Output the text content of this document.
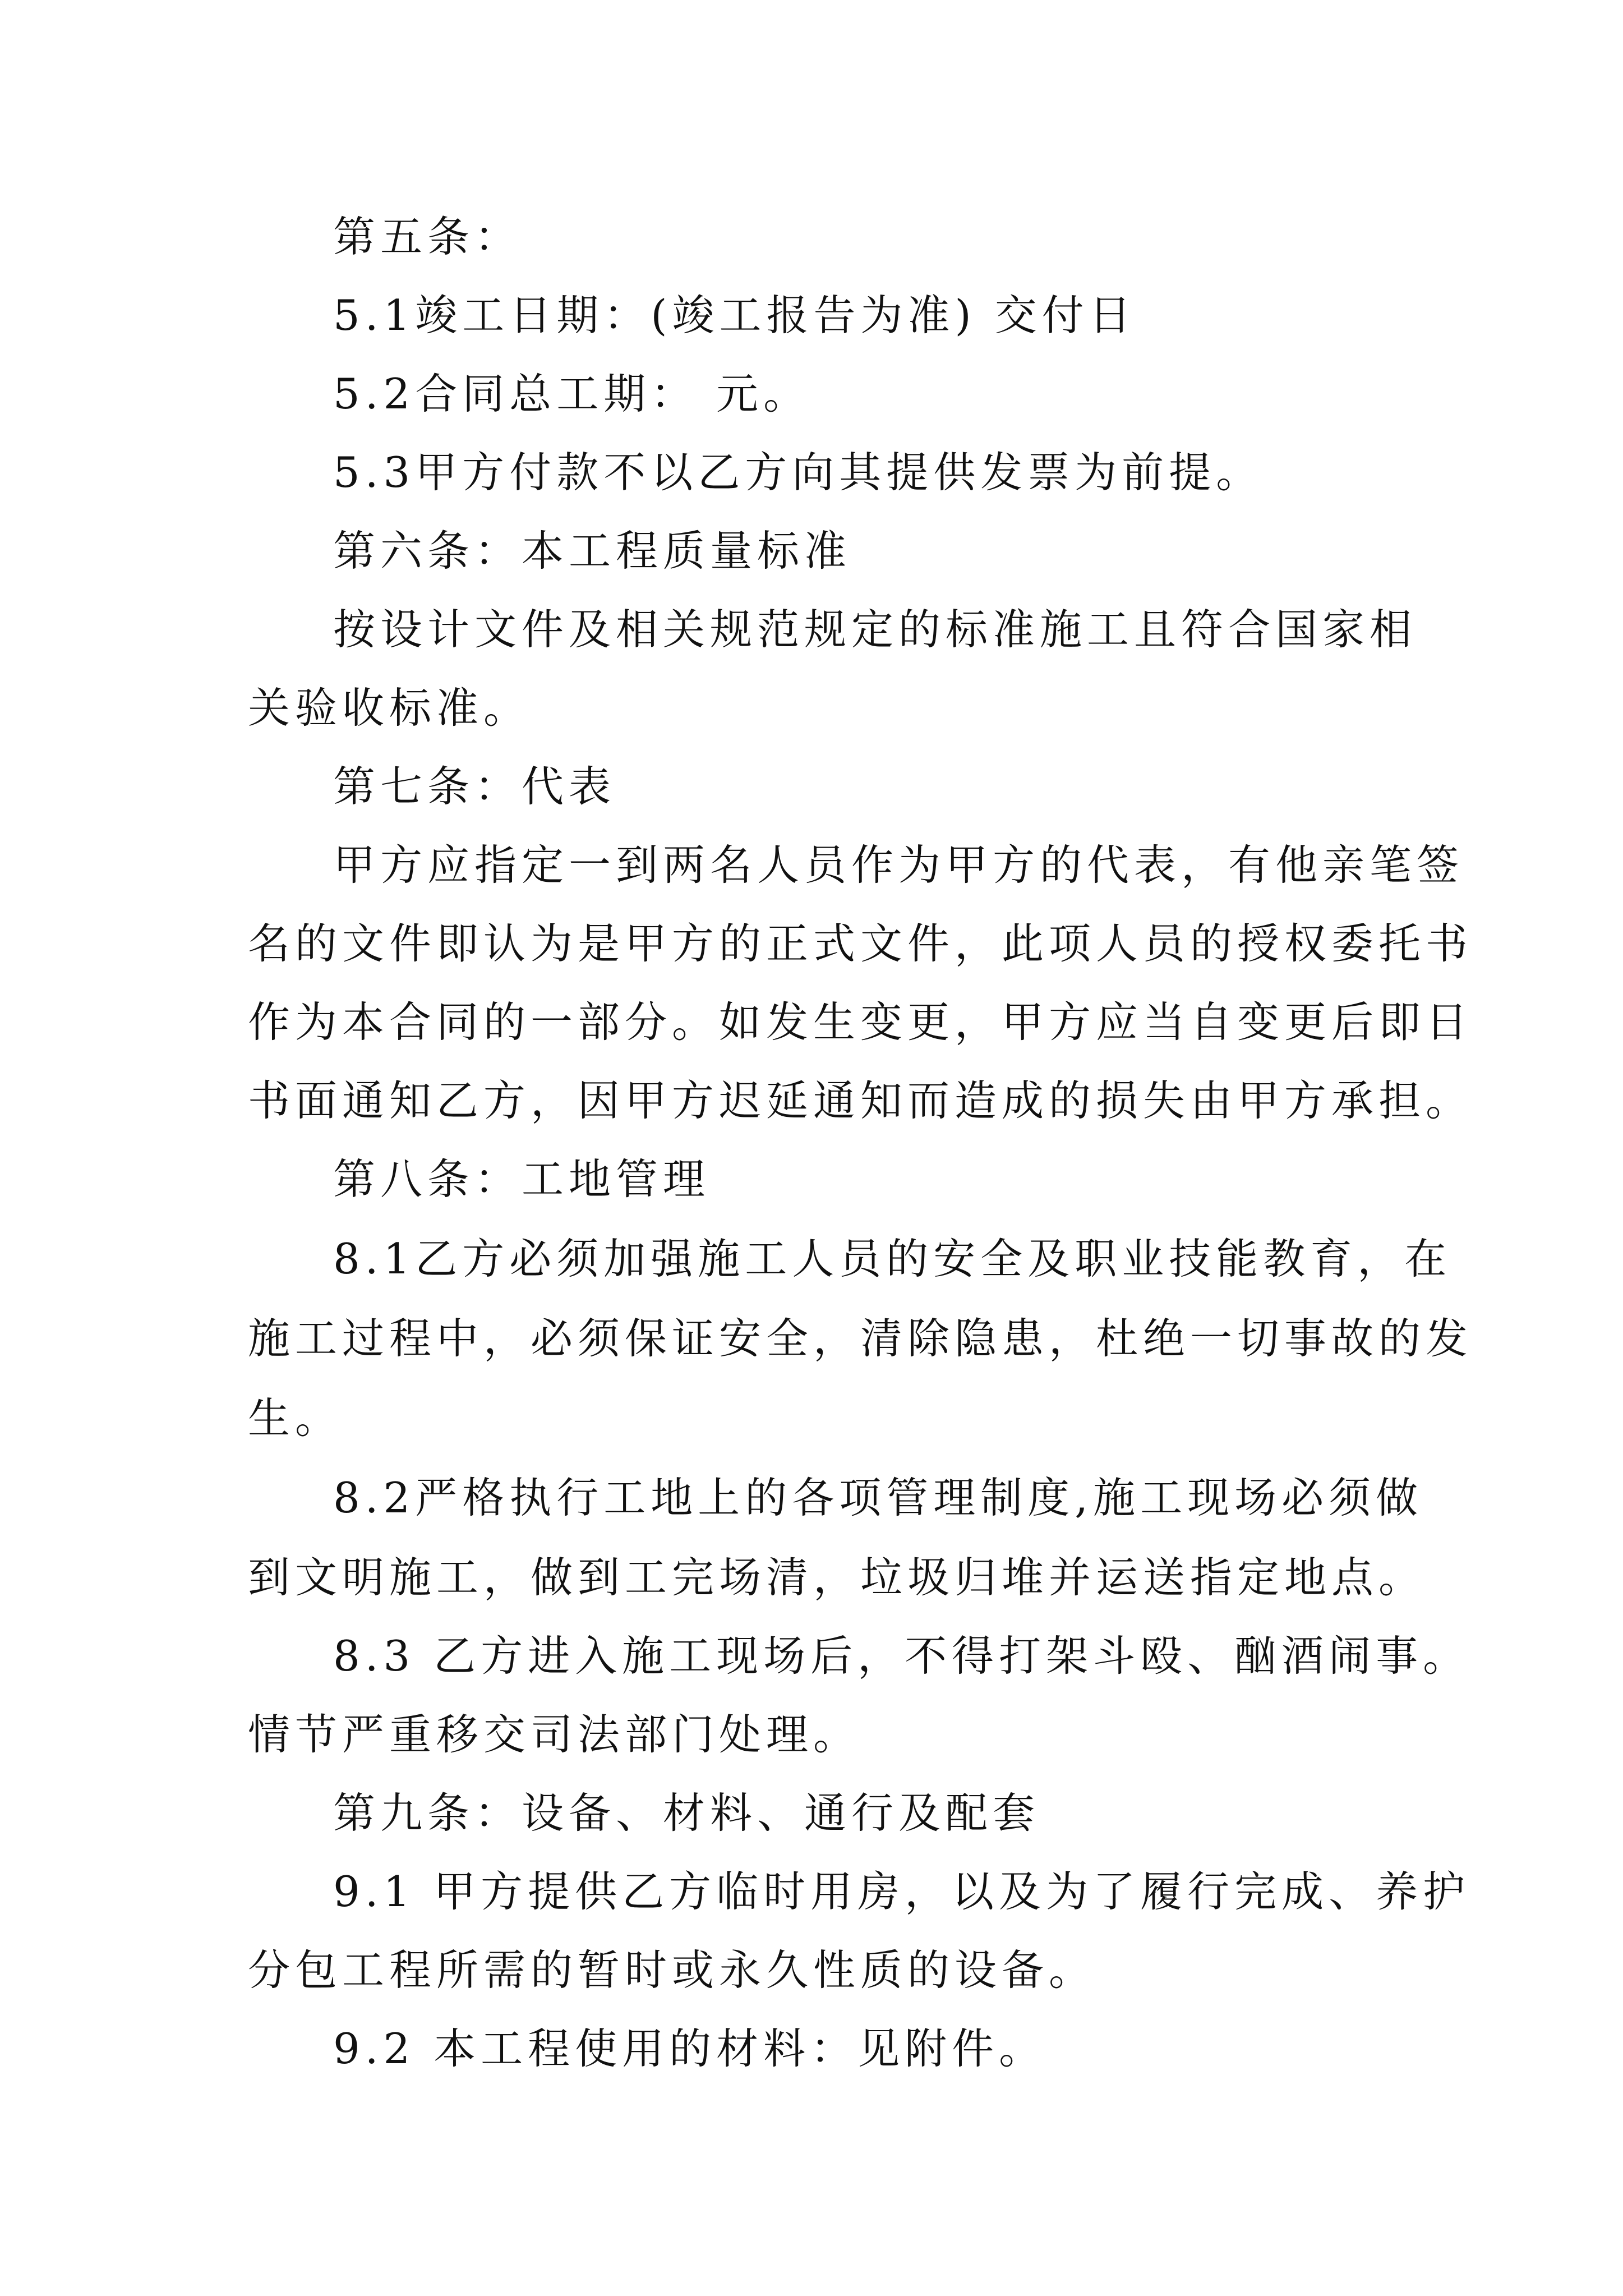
第五条：
5.1竣工日期：(竣工报告为准) 交付日
5.2合同总工期： 元。
5.3甲方付款不以乙方向其提供发票为前提。
第六条：本工程质量标准
按设计文件及相关规范规定的标准施工且符合国家相
关验收标准。
第七条：代表
甲方应指定一到两名人员作为甲方的代表，有他亲笔签
名的文件即认为是甲方的正式文件，此项人员的授权委托书
作为本合同的一部分。如发生变更，甲方应当自变更后即日
书面通知乙方，因甲方迟延通知而造成的损失由甲方承担。
第八条：工地管理
8.1乙方必须加强施工人员的安全及职业技能教育，在
施工过程中，必须保证安全，清除隐患，杜绝一切事故的发
生。
8.2严格执行工地上的各项管理制度,施工现场必须做
到文明施工，做到工完场清，垃圾归堆并运送指定地点。
8.3 乙方进入施工现场后，不得打架斗殴、酗酒闹事。
情节严重移交司法部门处理。
第九条：设备、材料、通行及配套
9.1 甲方提供乙方临时用房，以及为了履行完成、养护
分包工程所需的暂时或永久性质的设备。
9.2 本工程使用的材料：见附件。
